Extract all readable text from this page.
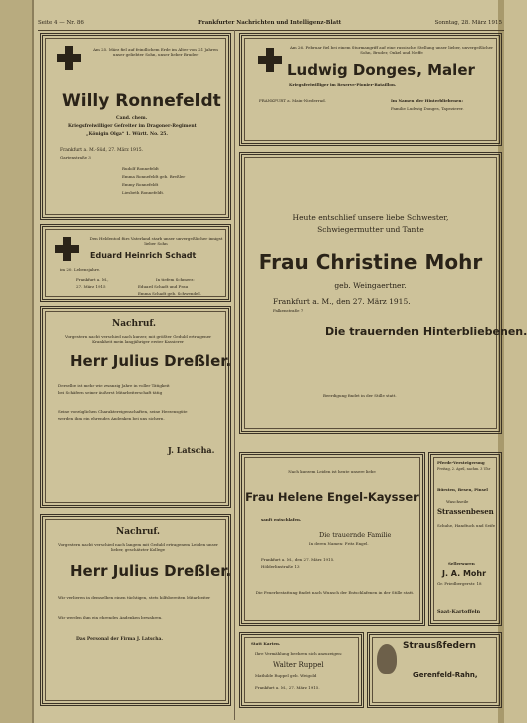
Seite 4 — Nr. 86	Frankfurter Nachrichten und Intelligenz-Blatt	Sonntag, 28. März 1915
Am 25. März fiel auf feindlichem Erde im Alter von 21 Jahren unser geliebter Sohn, unser lieber Bruder
Willy Ronnefeldt
Cand. chem.
Kriegsfreiwilliger Gefreiter im Dragoner-Regiment
„Königin Olga“ 1. Württ. No. 25.
Frankfurt a. M.-Süd, 27. März 1915.
Gartenstraße 3
Rudolf Ronnefeldt
Emma Ronnefeldt geb. Breßler
Emmy Ronnefeldt
Liesbeth Ronnefeldt.
Den Heldentod fürs Vaterland starb unser unvergeßlicher innigst lieber Sohn
Eduard Heinrich Schadt
im 20. Lebensjahre.
Frankfurt a. M.,
27. März 1915
In tiefem Schmerz:
Eduard Schadt und Frau
Emma Schadt geb. Schwendel.
Nachruf.
Vorgestern nacht verschied nach kurzer, mit größter Geduld ertragener Krankheit mein langjähriger erster Kassierer
Herr Julius Dreßler.
Derselbe ist mehr wie zwanzig Jahre in voller Tätigkeit
bei Schäfern seiner äußerst Mitarbeiterschaft tätig
Seine vorzüglichen Charaktereigenschaften, seine Herzensgüte
werden ihm ein ehrendes Andenken bei uns sichern.
J. Latscha.
Nachruf.
Vorgestern nacht verschied nach langem mit Geduld ertragenem Leiden unser lieber, geschätzter Kollege
Herr Julius Dreßler.
Wir verlieren in demselben einen tüchtigen, stets hilfsbereiten Mitarbeiter
Wir werden ihm ein ehrendes Andenken bewahren.
Das Personal der Firma J. Latscha.
Am 26. Februar fiel bei einem Sturmangriff auf eine russische Stellung unser lieber, unvergeßlicher Sohn, Bruder, Onkel und Neffe
Ludwig Donges, Maler
Kriegsfreiwilliger im Reserve-Pionier-Bataillon.
FRANKFURT a. Main-Niederrad.	Im Namen der Hinterbliebenen:
Familie Ludwig Donges, Tapezierer.
Heute entschlief unsere liebe Schwester,
Schwiegermutter und Tante
Frau Christine Mohr
geb. Weingaertner.
Frankfurt a. M., den 27. März 1915.
Falkenstraße 7
Die trauernden Hinterbliebenen.
Beerdigung findet in der Stille statt.
Nach kurzem Leiden ist heute unsere liebe
Frau Helene Engel-Kaysser
sanft entschlafen.
Die trauernde Familie
In deren Namen: Fritz Engel.
Frankfurt a. M., den 27. März 1915.
Hölderlinstraße 13
Die Feuerbestattung findet nach Wunsch der Entschlafenen in der Stille statt.
Statt Karten.
Ihre Vermählung beehren sich anzuzeigen:
Walter Ruppel
Mathilde Ruppel geb. Weigold
Frankfurt a. M., 27. März 1915.
Pferde-Versteigerung
Freitag, 2. April, nachm. 3 Uhr
Bürsten, Besen, Pinsel
Waschseile
Strassenbesen
Schuhe, Handtuch und Seife
Sellerwaren
J. A. Mohr
Gr. Friedbergerstr. 18
Saat-Kartoffeln
Strausßfedern
Gerenfeld-Rahn,
